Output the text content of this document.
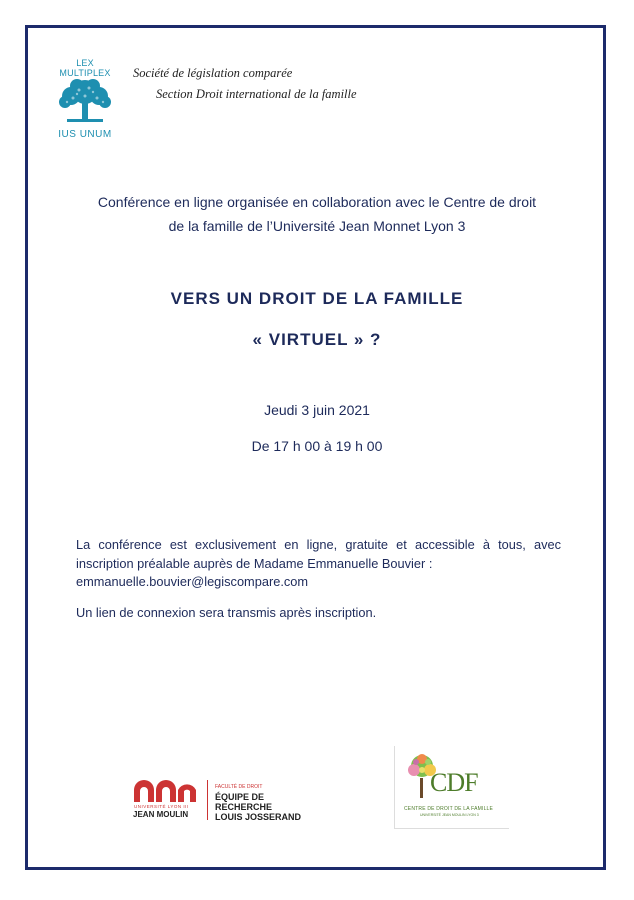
LEX MULTIPLEX
IUS UNUM
Société de législation comparée
Section Droit international de la famille
Conférence en ligne organisée en collaboration avec le Centre de droit
de la famille de l’Université Jean Monnet Lyon 3
VERS UN DROIT DE LA FAMILLE
« VIRTUEL » ?
Jeudi 3 juin 2021
De 17 h 00 à 19 h 00
La conférence est exclusivement en ligne, gratuite et accessible à tous, avec inscription préalable auprès de Madame Emmanuelle Bouvier :
emmanuelle.bouvier@legiscompare.com
Un lien de connexion sera transmis après inscription.
UNIVERSITÉ LYON III
JEAN MOULIN
FACULTÉ DE DROIT
ÉQUIPE DE
RECHERCHE
LOUIS JOSSERAND
CDF
CENTRE DE DROIT DE LA FAMILLE
UNIVERSITÉ JEAN MOULIN LYON 3
